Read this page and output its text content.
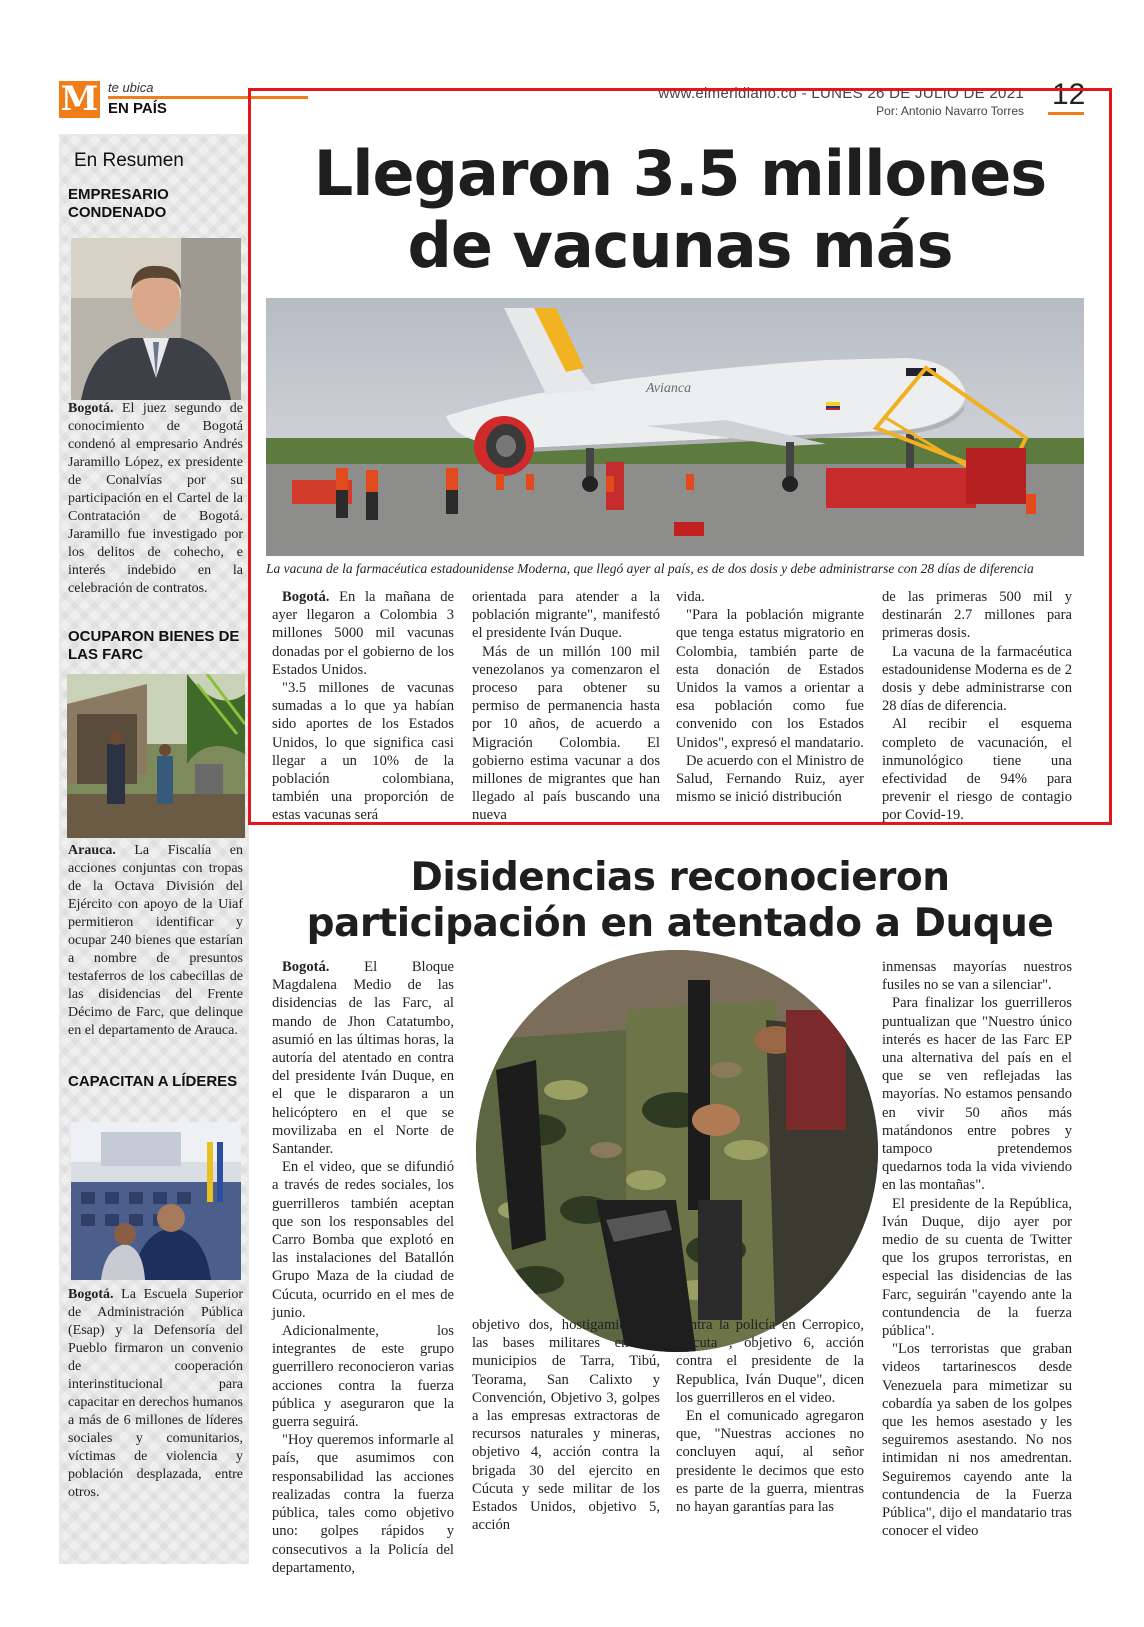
M te ubica
EN PAÍS
www.elmeridiano.co - LUNES 26 DE JULIO DE 2021
Por: Antonio Navarro Torres 12
En Resumen
EMPRESARIO CONDENADO
Bogotá. El juez segundo de conocimiento de Bogotá condenó al empresario Andrés Jaramillo López, ex presidente de Conalvías por su participación en el Cartel de la Contratación de Bogotá. Jaramillo fue investigado por los delitos de cohecho, e interés indebido en la celebración de contratos.
OCUPARON BIENES DE LAS FARC
Arauca. La Fiscalía en acciones conjuntas con tropas de la Octava División del Ejército con apoyo de la Uiaf permitieron identificar y ocupar 240 bienes que estarían a nombre de presuntos testaferros de los cabecillas de las disidencias del Frente Décimo de Farc, que delinque en el departamento de Arauca.
CAPACITAN A LÍDERES
Bogotá. La Escuela Superior de Administración Pública (Esap) y la Defensoría del Pueblo firmaron un convenio de cooperación interinstitucional para capacitar en derechos humanos a más de 6 millones de líderes sociales y comunitarios, víctimas de violencia y población desplazada, entre otros.
Llegaron 3.5 millones
de vacunas más
Avianca
La vacuna de la farmacéutica estadounidense Moderna, que llegó ayer al país, es de dos dosis y debe administrarse con 28 días de diferencia

Bogotá. En la mañana de ayer llegaron a Colombia 3 millones 5000 mil vacunas donadas por el gobierno de los Estados Unidos.

"3.5 millones de vacunas sumadas a lo que ya habían sido aportes de los Estados Unidos, lo que significa casi llegar a un 10% de la población colombiana, también una proporción de estas vacunas será

orientada para atender a la población migrante", manifestó el presidente Iván Duque.

Más de un millón 100 mil venezolanos ya comenzaron el proceso para obtener su permiso de permanencia hasta por 10 años, de acuerdo a Migración Colombia. El gobierno estima vacunar a dos millones de migrantes que han llegado al país buscando una nueva

vida.

"Para la población migrante que tenga estatus migratorio en Colombia, también parte de esta donación de Estados Unidos la vamos a orientar a esa población como fue convenido con los Estados Unidos", expresó el mandatario.

De acuerdo con el Ministro de Salud, Fernando Ruiz, ayer mismo se inició distribución

de las primeras 500 mil y destinarán 2.7 millones para primeras dosis.

La vacuna de la farmacéutica estadounidense Moderna es de 2 dosis y debe administrarse con 28 días de diferencia.

Al recibir el esquema completo de vacunación, el inmunológico tiene una efectividad de 94% para prevenir el riesgo de contagio por Covid-19.

Disidencias reconocieron
participación en atentado a Duque

Bogotá. El Bloque Magdalena Medio de las disidencias de las Farc, al mando de Jhon Catatumbo, asumió en las últimas horas, la autoría del atentado en contra del presidente Iván Duque, en el que le dispararon a un helicóptero en el que se movilizaba en el Norte de Santander.

En el video, que se difundió a través de redes sociales, los guerrilleros también aceptan que son los responsables del Carro Bomba que explotó en las instalaciones del Batallón Grupo Maza de la ciudad de Cúcuta, ocurrido en el mes de junio.

Adicionalmente, los integrantes de este grupo guerrillero reconocieron varias acciones contra la fuerza pública y aseguraron que la guerra seguirá.

"Hoy queremos informarle al país, que asumimos con responsabilidad las acciones realizadas contra la fuerza pública, tales como objetivo uno: golpes rápidos y consecutivos a la Policía del departamento,

objetivo dos, hostigamiento a las bases militares en los municipios de Tarra, Tibú, Teorama, San Calixto y Convención, Objetivo 3, golpes a las empresas extractoras de recursos naturales y mineras, objetivo 4, acción contra la brigada 30 del ejercito en Cúcuta y sede militar de los Estados Unidos, objetivo 5, acción

contra la policía en Cerropico, Cúcuta , objetivo 6, acción contra el presidente de la Republica, Iván Duque", dicen los guerrilleros en el video.

En el comunicado agregaron que, "Nuestras acciones no concluyen aquí, al señor presidente le decimos que esto es parte de la guerra, mientras no hayan garantías para las

inmensas mayorías nuestros fusiles no se van a silenciar".

Para finalizar los guerrilleros puntualizan que "Nuestro único interés es hacer de las Farc EP una alternativa del país en el que se ven reflejadas las mayorías. No estamos pensando en vivir 50 años más matándonos entre pobres y tampoco pretendemos quedarnos toda la vida viviendo en las montañas".

El presidente de la República, Iván Duque, dijo ayer por medio de su cuenta de Twitter que los grupos terroristas, en especial las disidencias de las Farc, seguirán "cayendo ante la contundencia de la fuerza pública".

"Los terroristas que graban videos tartarinescos desde Venezuela para mimetizar su cobardía ya saben de los golpes que les hemos asestado y les seguiremos asestando. No nos intimidan ni nos amedrentan. Seguiremos cayendo ante la contundencia de la Fuerza Pública", dijo el mandatario tras conocer el video
